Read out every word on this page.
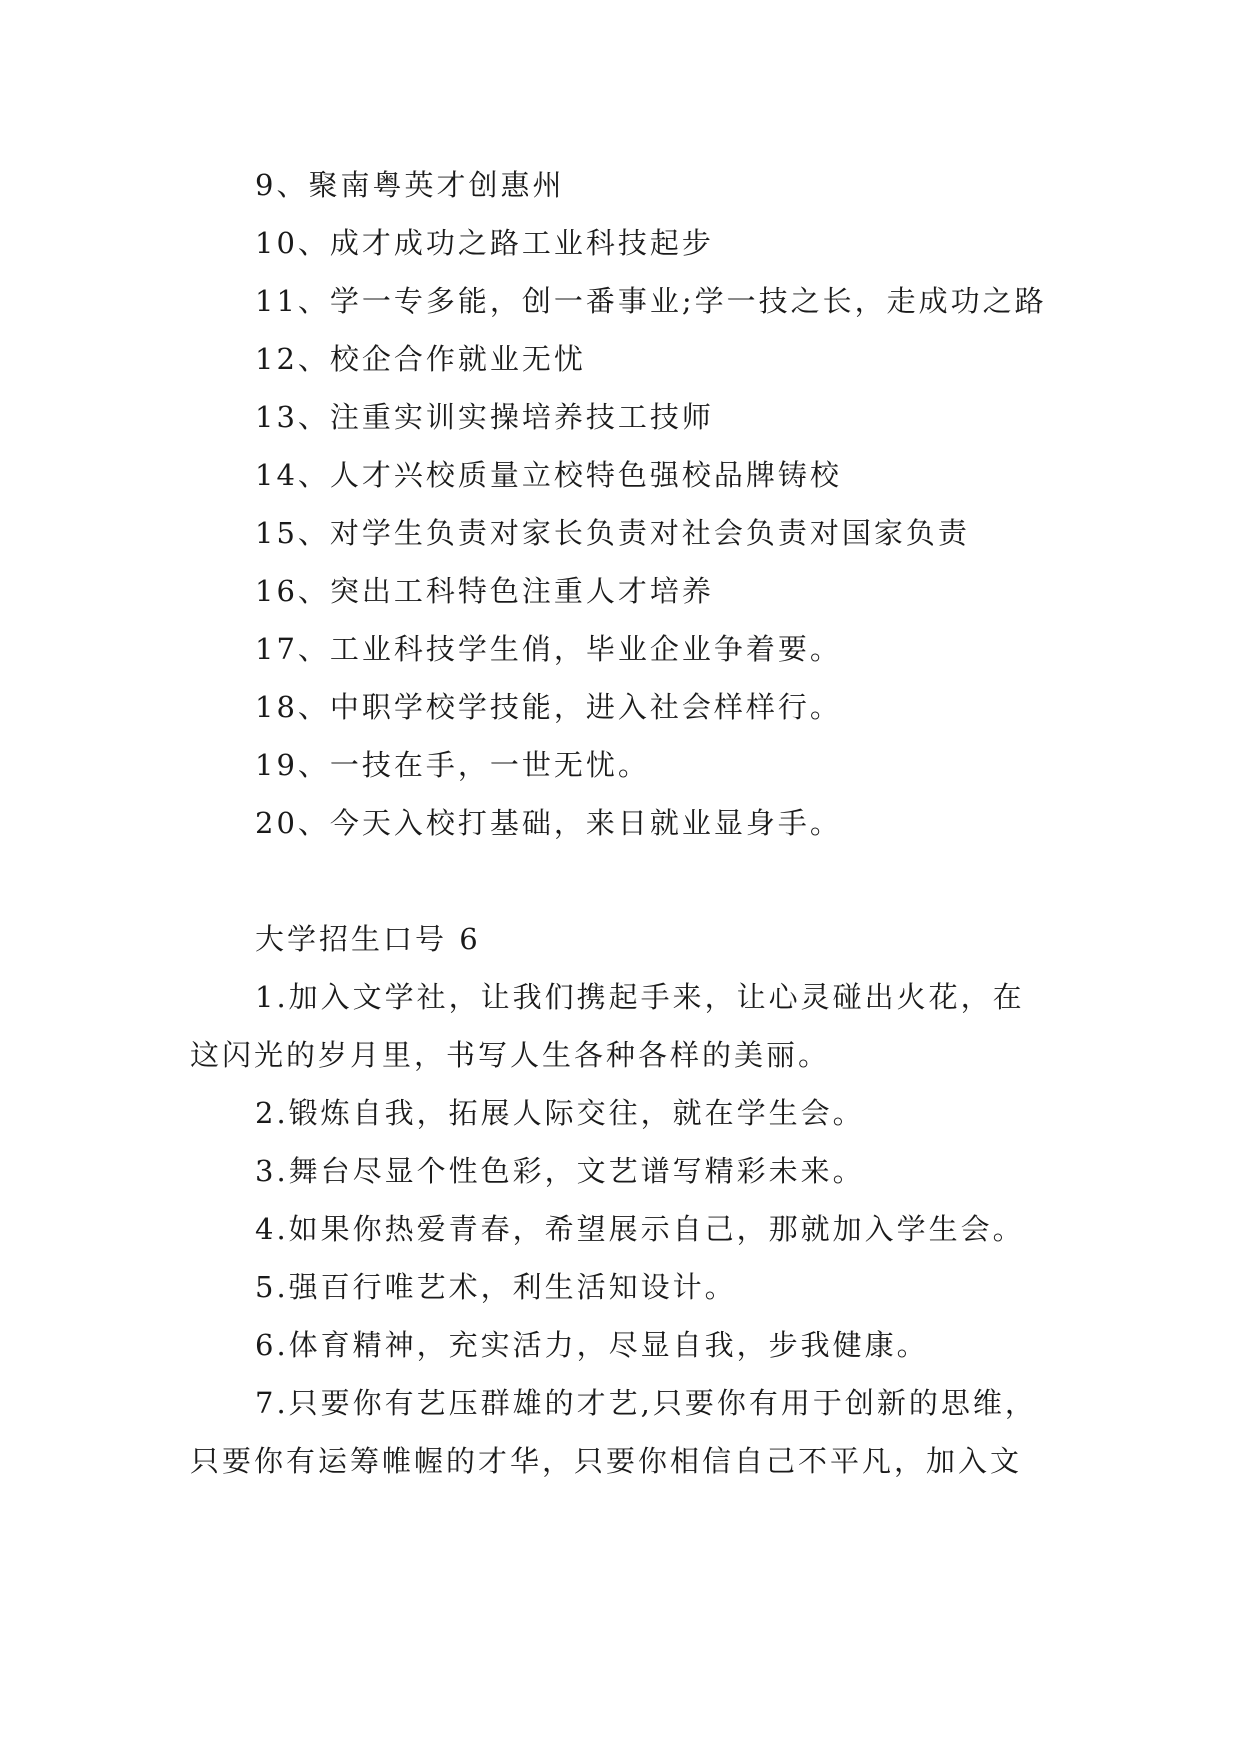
9、聚南粤英才创惠州

10、成才成功之路工业科技起步

11、学一专多能，创一番事业;学一技之长，走成功之路

12、校企合作就业无忧

13、注重实训实操培养技工技师

14、人才兴校质量立校特色强校品牌铸校

15、对学生负责对家长负责对社会负责对国家负责

16、突出工科特色注重人才培养

17、工业科技学生俏，毕业企业争着要。

18、中职学校学技能，进入社会样样行。

19、一技在手，一世无忧。

20、今天入校打基础，来日就业显身手。

大学招生口号 6

1.加入文学社，让我们携起手来，让心灵碰出火花，在这闪光的岁月里，书写人生各种各样的美丽。

2.锻炼自我，拓展人际交往，就在学生会。

3.舞台尽显个性色彩，文艺谱写精彩未来。

4.如果你热爱青春，希望展示自己，那就加入学生会。

5.强百行唯艺术，利生活知设计。

6.体育精神，充实活力，尽显自我，步我健康。

7.只要你有艺压群雄的才艺,只要你有用于创新的思维，只要你有运筹帷幄的才华，只要你相信自己不平凡，加入文
